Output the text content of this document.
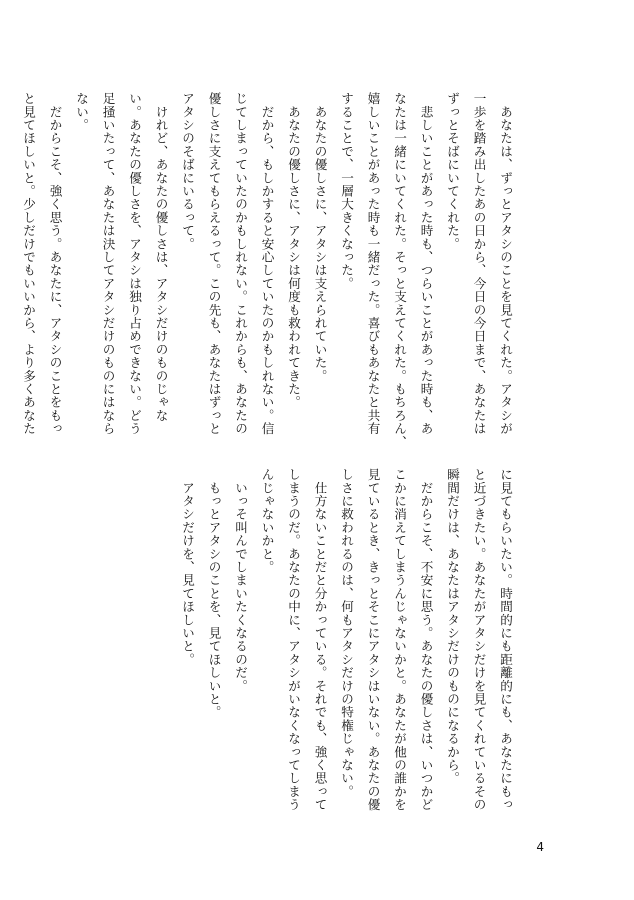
　あなたは、ずっとアタシのことを見てくれた。アタシが
一歩を踏み出したあの日から、今日の今日まで、あなたは
ずっとそばにいてくれた。
　悲しいことがあった時も、つらいことがあった時も、あ
なたは一緒にいてくれた。そっと支えてくれた。もちろん、
嬉しいことがあった時も一緒だった。喜びもあなたと共有
することで、一層大きくなった。
　あなたの優しさに、アタシは支えられていた。
　あなたの優しさに、アタシは何度も救われてきた。
　だから、もしかすると安心していたのかもしれない。信
じてしまっていたのかもしれない。これからも、あなたの
優しさに支えてもらえるって。この先も、あなたはずっと
アタシのそばにいるって。
　けれど、あなたの優しさは、アタシだけのものじゃな
い。あなたの優しさを、アタシは独り占めできない。どう
足掻いたって、あなたは決してアタシだけのものにはなら
ない。
　だからこそ、強く思う。あなたに、アタシのことをもっ
と見てほしいと。少しだけでもいいから、より多くあなた
に見てもらいたい。時間的にも距離的にも、あなたにもっ
と近づきたい。あなたがアタシだけを見てくれているその
瞬間だけは、あなたはアタシだけのものになるから。
　だからこそ、不安に思う。あなたの優しさは、いつかど
こかに消えてしまうんじゃないかと。あなたが他の誰かを
見ているとき、きっとそこにアタシはいない。あなたの優
しさに救われるのは、何もアタシだけの特権じゃない。
　仕方ないことだと分かっている。それでも、強く思って
しまうのだ。あなたの中に、アタシがいなくなってしまう
んじゃないかと。
　いっそ叫んでしまいたくなるのだ。
　もっとアタシのことを、見てほしいと。
　アタシだけを、見てほしいと。
4
